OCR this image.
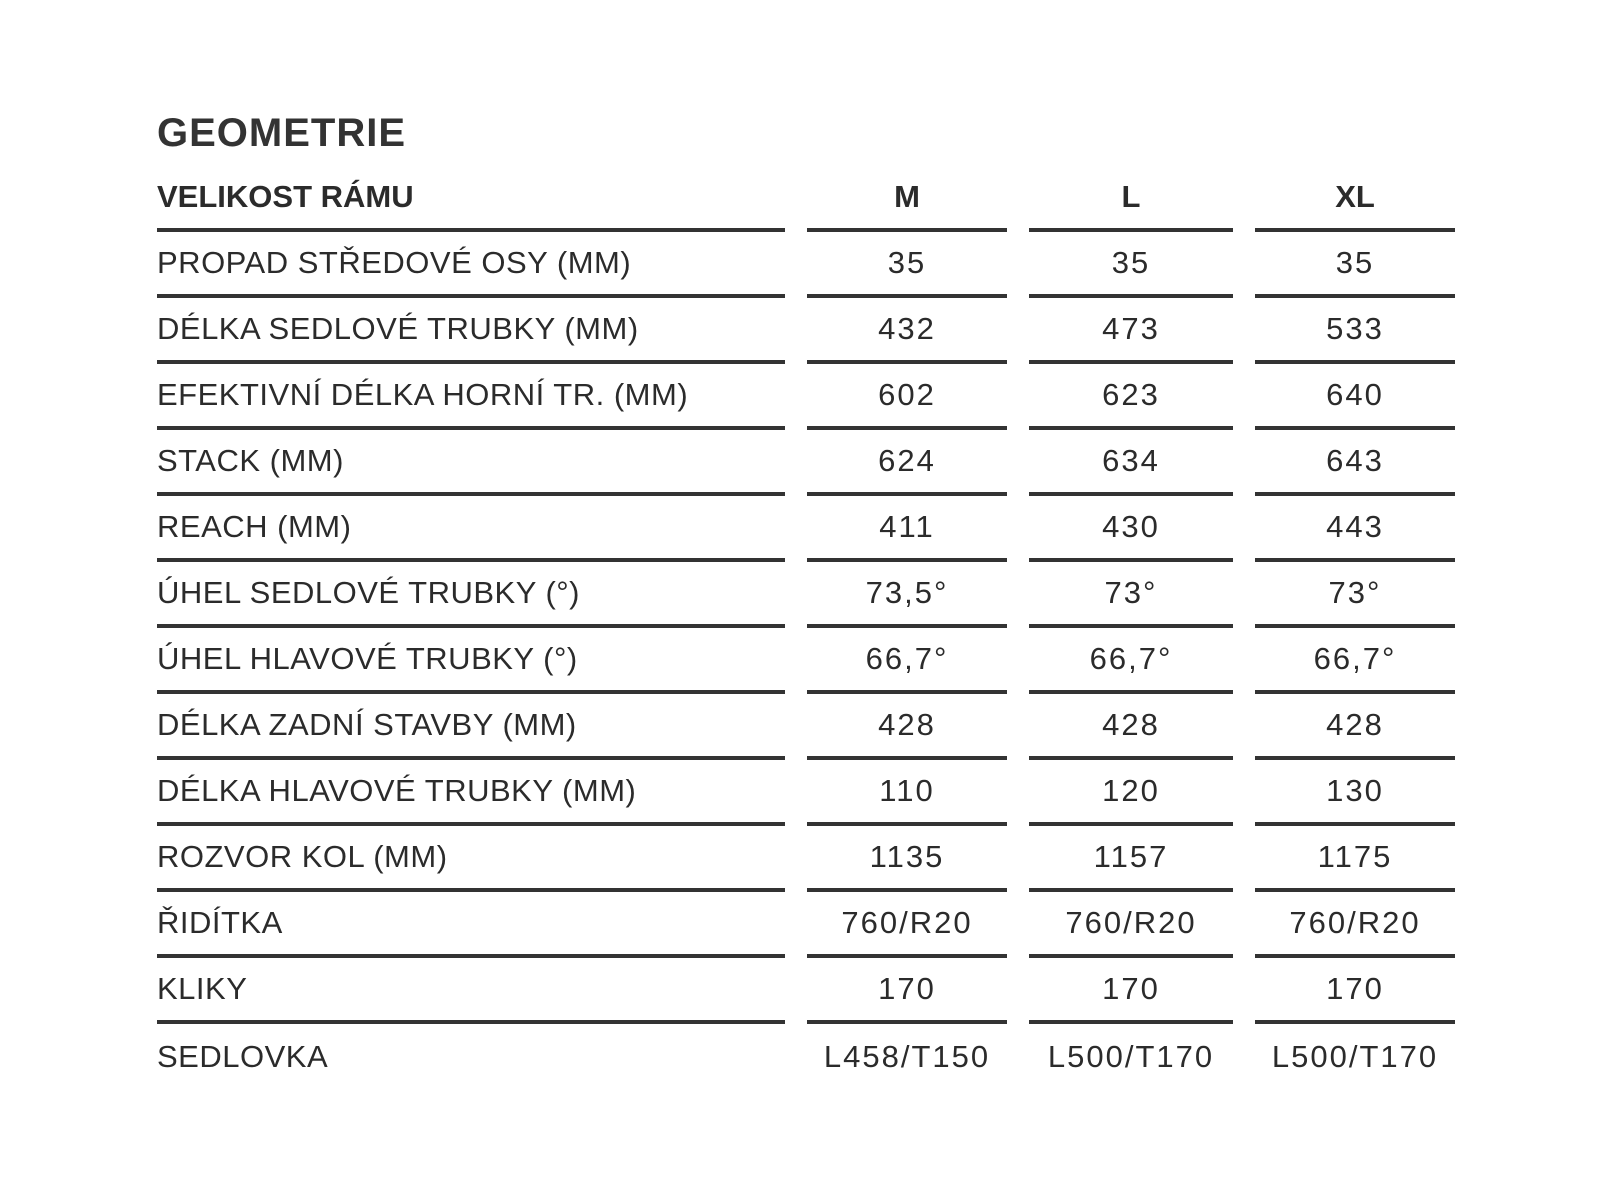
GEOMETRIE
VELIKOST RÁMU	M	L	XL
PROPAD STŘEDOVÉ OSY (MM)	35	35	35
DÉLKA SEDLOVÉ TRUBKY (MM)	432	473	533
EFEKTIVNÍ DÉLKA HORNÍ TR. (MM)	602	623	640
STACK (MM)	624	634	643
REACH (MM)	411	430	443
ÚHEL SEDLOVÉ TRUBKY (°)	73,5°	73°	73°
ÚHEL HLAVOVÉ TRUBKY (°)	66,7°	66,7°	66,7°
DÉLKA ZADNÍ STAVBY (MM)	428	428	428
DÉLKA HLAVOVÉ TRUBKY (MM)	110	120	130
ROZVOR KOL (MM)	1135	1157	1175
ŘIDÍTKA	760/R20	760/R20	760/R20
KLIKY	170	170	170
SEDLOVKA	L458/T150	L500/T170	L500/T170
